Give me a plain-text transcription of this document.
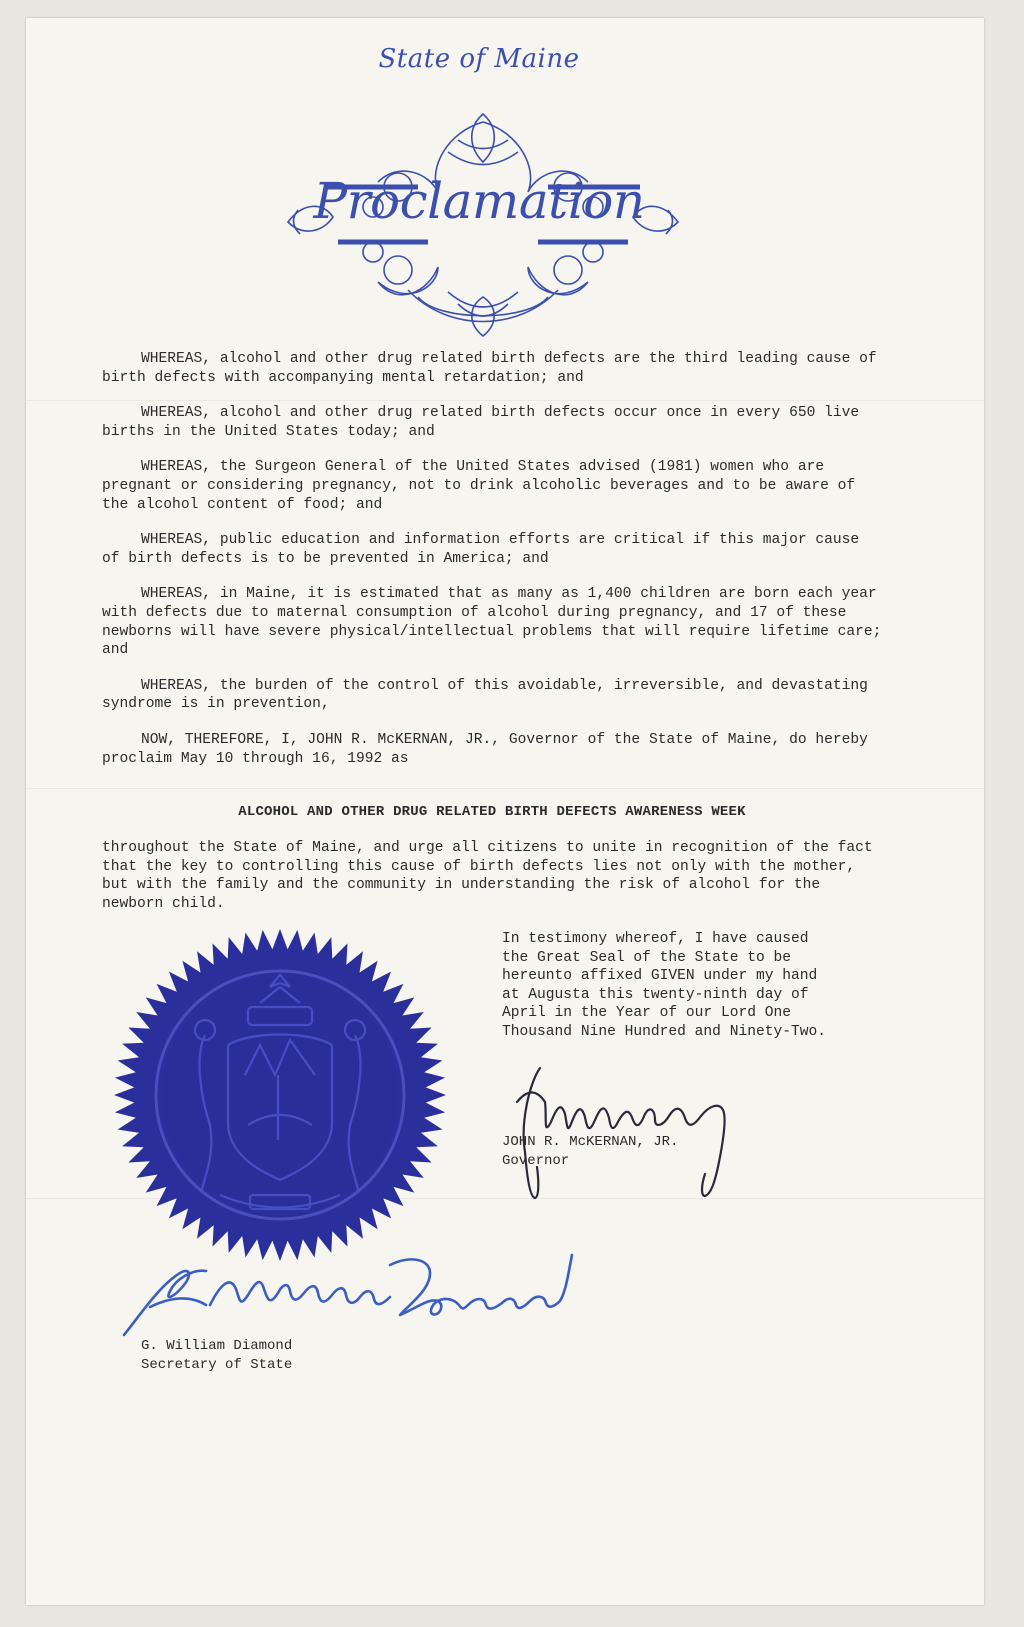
State of Maine
Proclamation

WHEREAS, alcohol and other drug related birth defects are the third leading cause of birth defects with accompanying mental retardation; and

WHEREAS, alcohol and other drug related birth defects occur once in every 650 live births in the United States today; and

WHEREAS, the Surgeon General of the United States advised (1981) women who are pregnant or considering pregnancy, not to drink alcoholic beverages and to be aware of the alcohol content of food; and

WHEREAS, public education and information efforts are critical if this major cause of birth defects is to be prevented in America; and

WHEREAS, in Maine, it is estimated that as many as 1,400 children are born each year with defects due to maternal consumption of alcohol during pregnancy, and 17 of these newborns will have severe physical/intellectual problems that will require lifetime care; and

WHEREAS, the burden of the control of this avoidable, irreversible, and devastating syndrome is in prevention,

NOW, THEREFORE, I, JOHN R. McKERNAN, JR., Governor of the State of Maine, do hereby proclaim May 10 through 16, 1992 as

ALCOHOL AND OTHER DRUG RELATED BIRTH DEFECTS AWARENESS WEEK
throughout the State of Maine, and urge all citizens to unite in recognition of the fact that the key to controlling this cause of birth defects lies not only with the mother, but with the family and the community in understanding the risk of alcohol for the newborn child.
In testimony whereof, I have caused the Great Seal of the State to be hereunto affixed GIVEN under my hand at Augusta this twenty-ninth day of April in the Year of our Lord One Thousand Nine Hundred and Ninety-Two.
JOHN R. McKERNAN, JR.
Governor
G. William Diamond
Secretary of State
